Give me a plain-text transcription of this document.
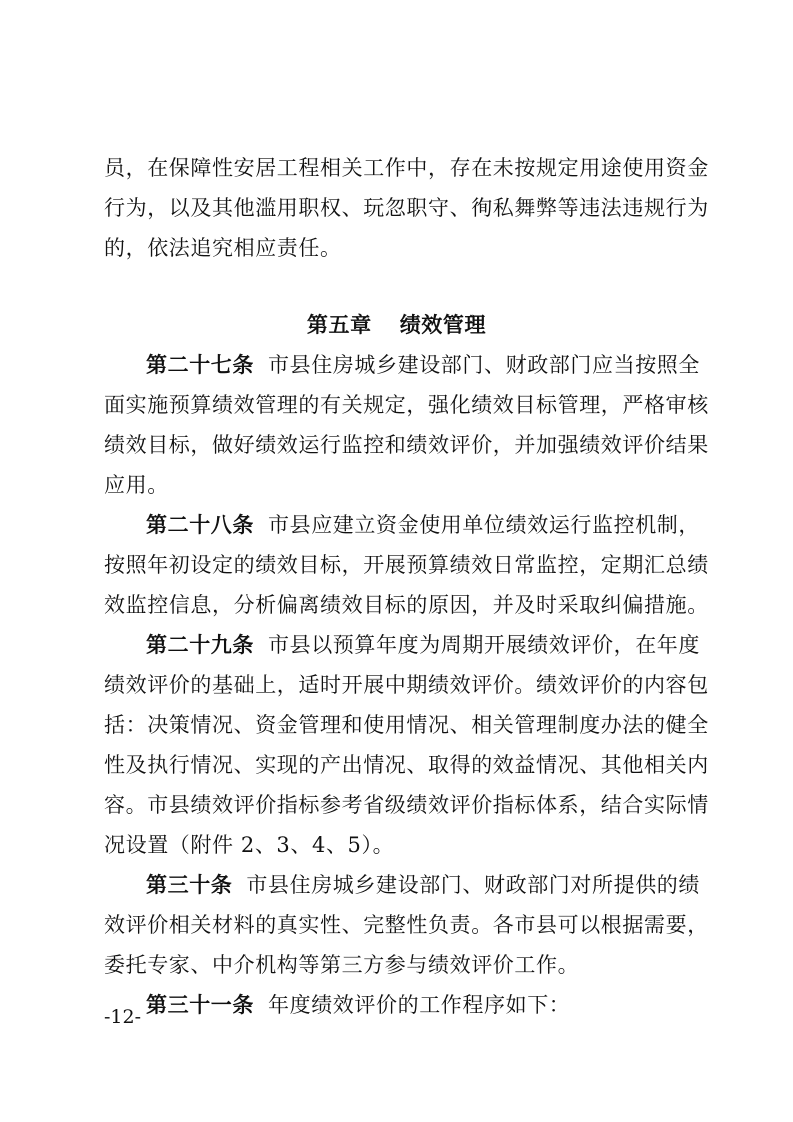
员，在保障性安居工程相关工作中，存在未按规定用途使用资金
行为，以及其他滥用职权、玩忽职守、徇私舞弊等违法违规行为
的，依法追究相应责任。
第五章 绩效管理
第二十七条 市县住房城乡建设部门、财政部门应当按照全
面实施预算绩效管理的有关规定，强化绩效目标管理，严格审核
绩效目标，做好绩效运行监控和绩效评价，并加强绩效评价结果
应用。
第二十八条 市县应建立资金使用单位绩效运行监控机制，
按照年初设定的绩效目标，开展预算绩效日常监控，定期汇总绩
效监控信息，分析偏离绩效目标的原因，并及时采取纠偏措施。
第二十九条 市县以预算年度为周期开展绩效评价，在年度
绩效评价的基础上，适时开展中期绩效评价。绩效评价的内容包
括：决策情况、资金管理和使用情况、相关管理制度办法的健全
性及执行情况、实现的产出情况、取得的效益情况、其他相关内
容。市县绩效评价指标参考省级绩效评价指标体系，结合实际情
况设置（附件 2、3、4、5）。
第三十条 市县住房城乡建设部门、财政部门对所提供的绩
效评价相关材料的真实性、完整性负责。各市县可以根据需要，
委托专家、中介机构等第三方参与绩效评价工作。
第三十一条 年度绩效评价的工作程序如下：
-12-
